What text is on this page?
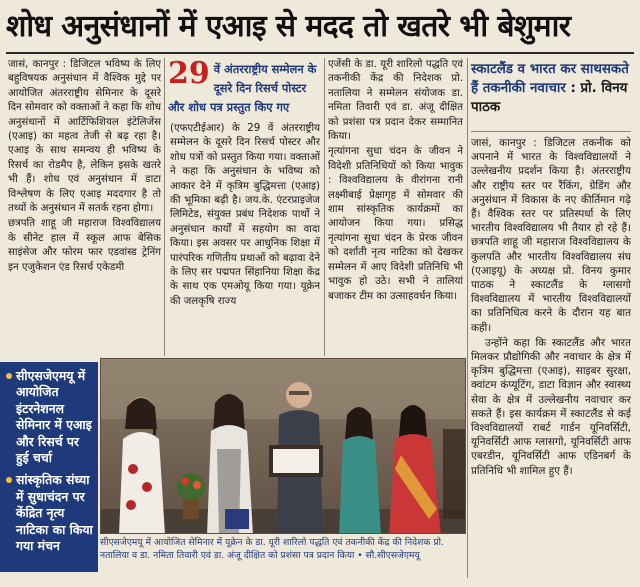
शोध अनुसंधानों में एआइ से मदद तो खतरे भी बेशुमार

जासं, कानपुर : डिजिटल भविष्य के लिए बहुविषयक अनुसंधान में वैश्विक मुद्दे पर आयोजित अंतरराष्ट्रीय सेमिनार के दूसरे दिन सोमवार को वक्ताओं ने कहा कि शोध अनुसंधानों में आर्टिफिशियल इंटेलिजेंस (एआइ) का महत्व तेजी से बढ़ रहा है। एआइ के साथ समन्वय ही भविष्य के रिसर्च का रोडमैप है, लेकिन इसके खतरे भी हैं। शोध एवं अनुसंधान में डाटा विश्लेषण के लिए एआइ मददगार है तो तथ्यों के अनुसंधान में सतर्क रहना होगा।

छत्रपति शाहू जी महाराज विश्वविद्यालय के सीनेट हाल में स्कूल आफ बेसिक साइंसेज और फोरम फार एडवांस्ड ट्रेनिंग इन एजुकेशन एंड रिसर्च एकेडमी

29 वें अंतरराष्ट्रीय सम्मेलन के दूसरे दिन रिसर्च पोस्टर और शोध पत्र प्रस्तुत किए गए

(एफएटीईआर) के 29 वें अंतरराष्ट्रीय सम्मेलन के दूसरे दिन रिसर्च पोस्टर और शोध पत्रों को प्रस्तुत किया गया। वक्ताओं ने कहा कि अनुसंधान के भविष्य को आकार देने में कृत्रिम बुद्धिमत्ता (एआइ) की भूमिका बढ़ी है। जय.के. एंटरप्राइजेज लिमिटेड, संयुक्त प्रबंध निदेशक पार्थो ने अनुसंधान कार्यों में सहयोग का वादा किया। इस अवसर पर आधुनिक शिक्षा में पारंपरिक गणितीय प्रथाओं को बढ़ावा देने के लिए सर पद्मपत सिंहानिया शिक्षा केंद्र के साथ एक एमओयू किया गया। यूक्रेन की जलकृषि राज्य

एजेंसी के डा. यूरी शारिलो पद्धति एवं तकनीकी केंद्र की निदेशक प्रो. नतालिया ने सम्मेलन संयोजक डा. नमिता तिवारी एवं डा. अंजू दीक्षित को प्रशंसा पत्र प्रदान देकर सम्मानित किया।

नृत्यांगना सुधा चंदन के जीवन ने विदेशी प्रतिनिधियों को किया भावुक : विश्वविद्यालय के वीरांगना रानी लक्ष्मीबाई प्रेक्षागृह में सोमवार की शाम सांस्कृतिक कार्यक्रमों का आयोजन किया गया। प्रसिद्ध नृत्यांगना सुधा चंदन के प्रेरक जीवन को दर्शाती नृत्य नाटिका को देखकर सम्मेलन में आए विदेशी प्रतिनिधि भी भावुक हो उठे। सभी ने तालियां बजाकर टीम का उत्साहवर्धन किया।

स्काटलैंड व भारत कर साथसकते हैं तकनीकी नवाचार : प्रो. विनय पाठक

जासं, कानपुर : डिजिटल तकनीक को अपनाने में भारत के विश्वविद्यालयों ने उल्लेखनीय प्रदर्शन किया है। अंतरराष्ट्रीय और राष्ट्रीय स्तर पर रैंकिंग, ग्रेडिंग और अनुसंधान में विकास के नए कीर्तिमान गढ़े हैं। वैश्विक स्तर पर प्रतिस्पर्धा के लिए भारतीय विश्वविद्यालय भी तैयार हो रहे हैं। छत्रपति शाहू जी महाराज विश्वविद्यालय के कुलपति और भारतीय विश्वविद्यालय संघ (एआइयू) के अध्यक्ष प्रो. विनय कुमार पाठक ने स्काटलैंड के ग्लासगो विश्वविद्यालय में भारतीय विश्वविद्यालयों का प्रतिनिधित्व करने के दौरान यह बात कही।

उन्होंने कहा कि स्काटलैंड और भारत मिलकर प्रौद्योगिकी और नवाचार के क्षेत्र में कृत्रिम बुद्धिमत्ता (एआइ), साइबर सुरक्षा, क्वांटम कंप्यूटिंग, डाटा विज्ञान और स्वास्थ्य सेवा के क्षेत्र में उल्लेखनीय नवाचार कर सकते हैं। इस कार्यक्रम में स्काटलैंड से कई विश्वविद्यालयों राबर्ट गार्डन यूनिवर्सिटी, यूनिवर्सिटी आफ ग्लासगो, यूनिवर्सिटी आफ एबरडीन, यूनिवर्सिटी आफ एडिनबर्ग के प्रतिनिधि भी शामिल हुए हैं।

सीएसजेएमयू में आयोजित इंटरनेशनल सेमिनार में एआइ और रिसर्च पर हुई चर्चा
सांस्कृतिक संध्या में सुधाचंदन पर केंद्रित नृत्य नाटिका का किया गया मंचन	सीएसजेएमयू में आयोजित सेमिनार में यूक्रेन के डा. यूरी शारिलो पद्धति एवं तकनीकी केंद्र की निदेशक प्रो. नतालिया व डा. नमिता तिवारी एवं डा. अंजू दीक्षित को प्रशंसा पत्र प्रदान किया • सौ.सीएसजेएमयू
